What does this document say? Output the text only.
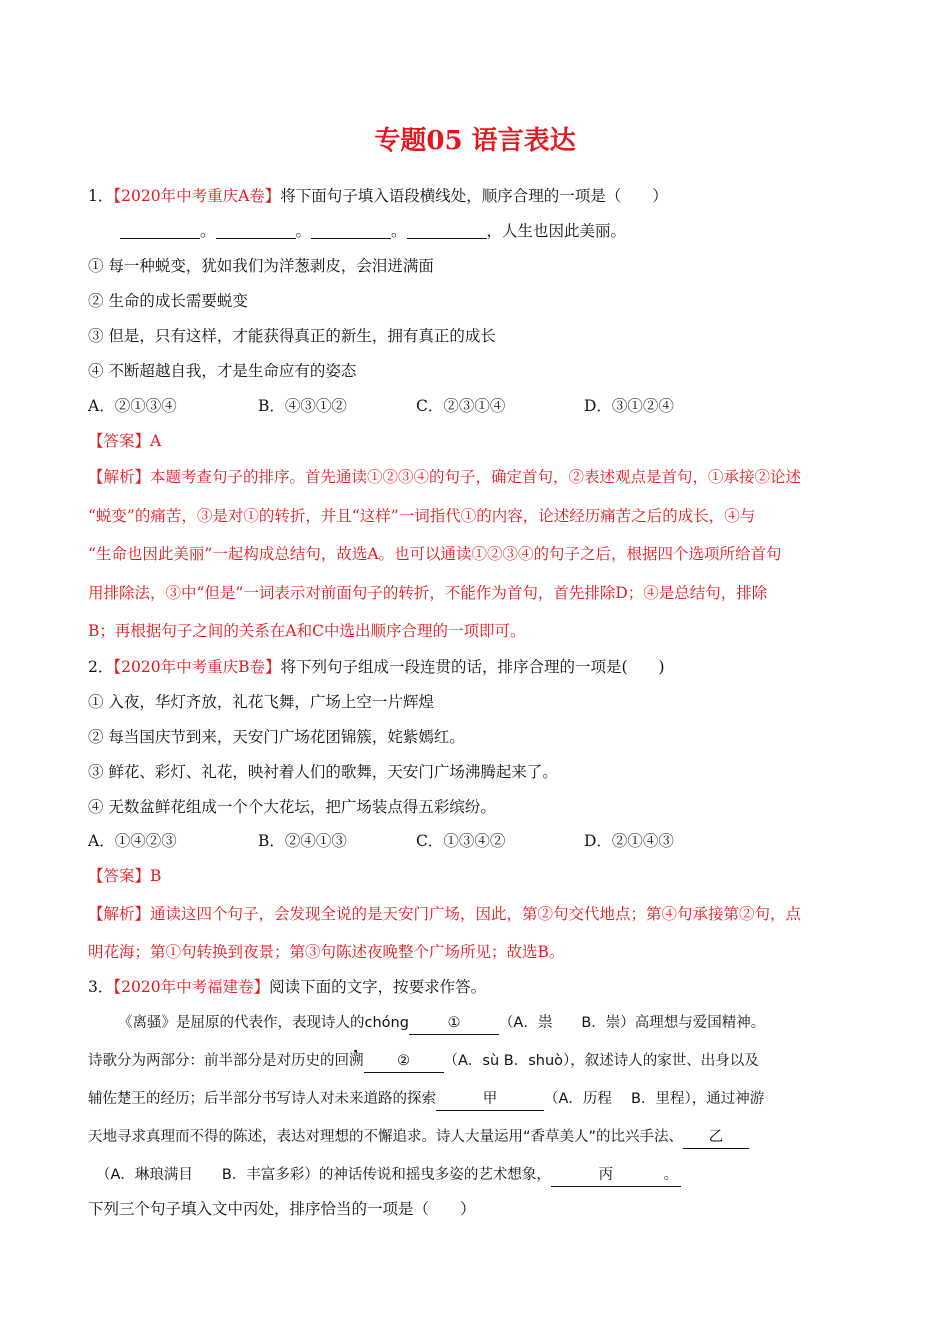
专题05 语言表达
1．【2020年中考重庆A卷】将下面句子填入语段横线处，顺序合理的一项是（　　）
。	。	。	，人生也因此美丽。
① 每一种蜕变，犹如我们为洋葱剥皮，会泪迸满面
② 生命的成长需要蜕变
③ 但是，只有这样，才能获得真正的新生，拥有真正的成长
④ 不断超越自我，才是生命应有的姿态
A．②①③④	B．④③①②	C．②③①④	D．③①②④
【答案】A
【解析】本题考查句子的排序。首先通读①②③④的句子，确定首句，②表述观点是首句，①承接②论述
“蜕变”的痛苦，③是对①的转折，并且“这样”一词指代①的内容，论述经历痛苦之后的成长，④与
“生命也因此美丽”一起构成总结句，故选A。也可以通读①②③④的句子之后，根据四个选项所给首句
用排除法，③中“但是”一词表示对前面句子的转折，不能作为首句，首先排除D；④是总结句，排除
B；再根据句子之间的关系在A和C中选出顺序合理的一项即可。
2．【2020年中考重庆B卷】将下列句子组成一段连贯的话，排序合理的一项是(　　)
① 入夜，华灯齐放，礼花飞舞，广场上空一片辉煌
② 每当国庆节到来，天安门广场花团锦簇，姹紫嫣红。
③ 鲜花、彩灯、礼花，映衬着人们的歌舞，天安门广场沸腾起来了。
④ 无数盆鲜花组成一个个大花坛，把广场装点得五彩缤纷。
A．①④②③	B．②④①③	C．①③④②	D．②①④③
【答案】B
【解析】通读这四个句子，会发现全说的是天安门广场，因此，第②句交代地点；第④句承接第②句，点
明花海；第①句转换到夜景；第③句陈述夜晚整个广场所见；故选B。
3．【2020年中考福建卷】阅读下面的文字，按要求作答。
《离骚》是屈原的代表作，表现诗人的chóng	①	（A．祟　　B．崇）高理想与爱国精神。
诗歌分为两部分：前半部分是对历史的回溯 ② （A．sù B．shuò），叙述诗人的家世、出身以及
辅佐楚王的经历；后半部分书写诗人对未来道路的探索	甲	（A．历程　 B．里程），通过神游
天地寻求真理而不得的陈述，表达对理想的不懈追求。诗人大量运用“香草美人”的比兴手法、 乙
（A．琳琅满目　　B．丰富多彩）的神话传说和摇曳多姿的艺术想象，	丙	。
下列三个句子填入文中丙处，排序恰当的一项是（　　）
